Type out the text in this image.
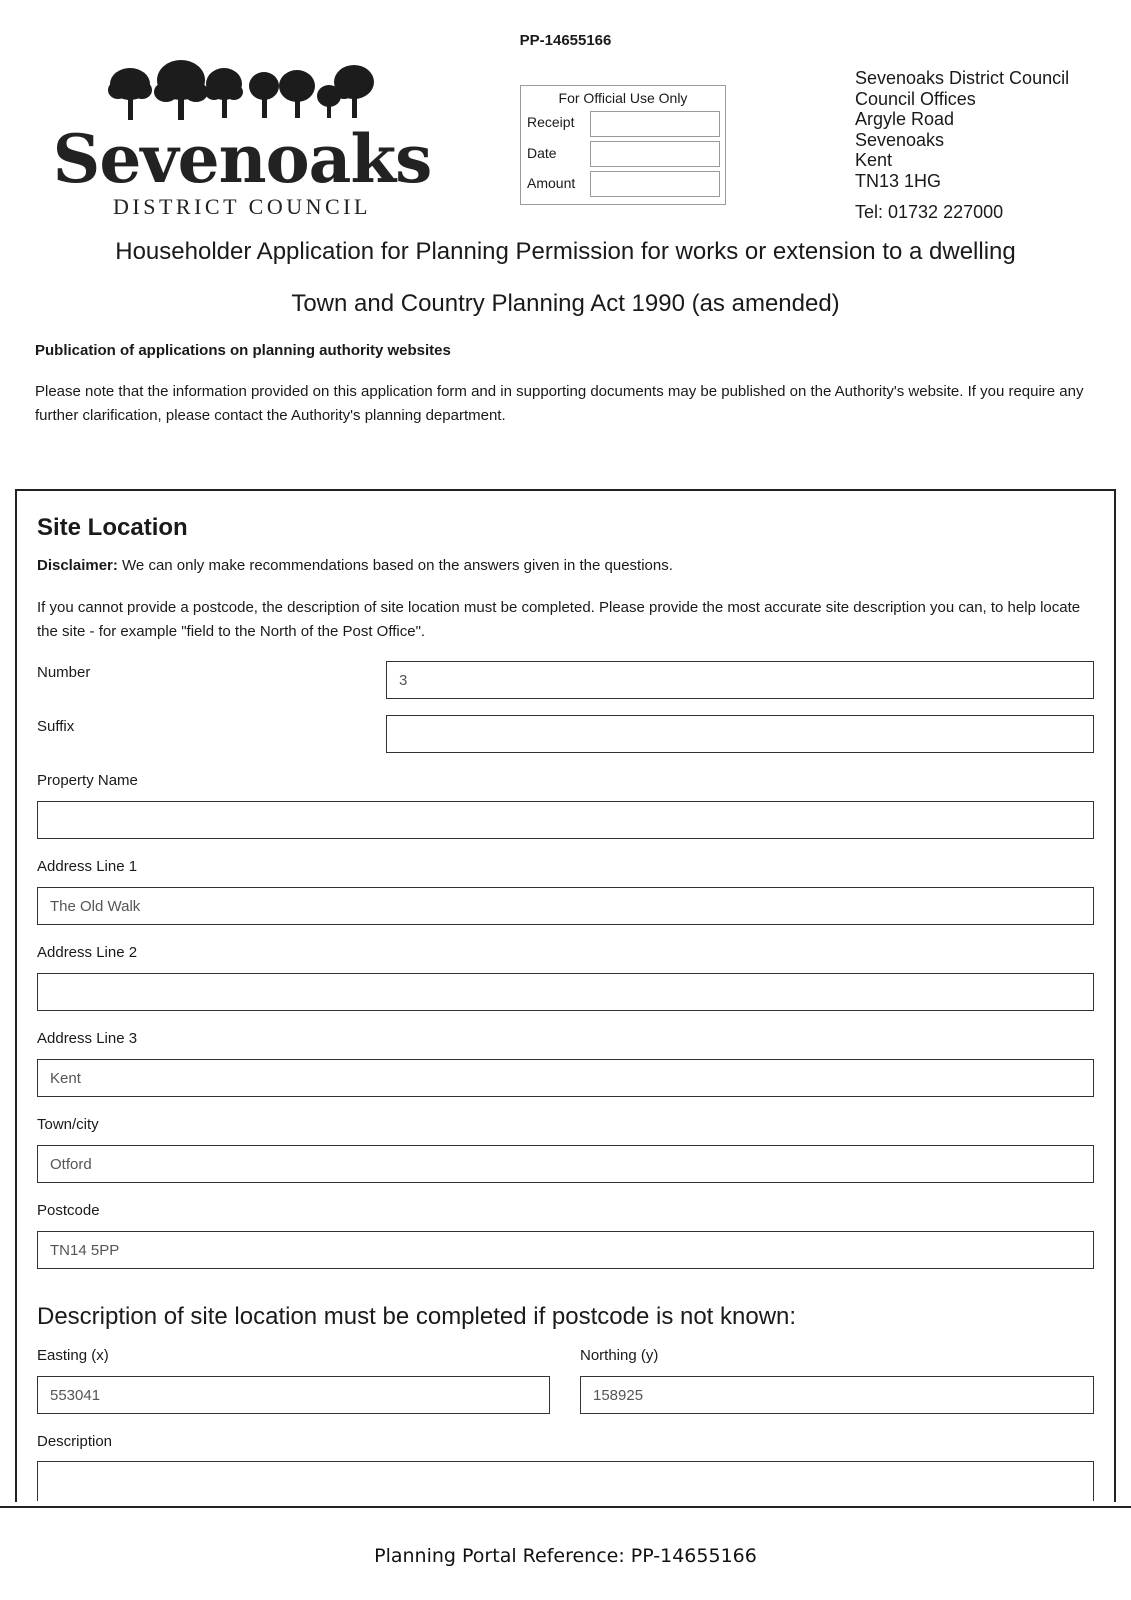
PP-14655166
Sevenoaks
DISTRICT COUNCIL
For Official Use Only
Receipt
Date
Amount
Sevenoaks District Council
Council Offices
Argyle Road
Sevenoaks
Kent
TN13 1HG
Tel: 01732 227000
Householder Application for Planning Permission for works or extension to a dwelling
Town and Country Planning Act 1990 (as amended)
Publication of applications on planning authority websites
Please note that the information provided on this application form and in supporting documents may be published on the Authority's website. If you require any further clarification, please contact the Authority's planning department.
Site Location
Disclaimer: We can only make recommendations based on the answers given in the questions.
If you cannot provide a postcode, the description of site location must be completed. Please provide the most accurate site description you can, to help locate the site - for example "field to the North of the Post Office".
Number	3
Suffix
Property Name
Address Line 1
The Old Walk
Address Line 2
Address Line 3
Kent
Town/city
Otford
Postcode
TN14 5PP
Description of site location must be completed if postcode is not known:
Easting (x)
553041
Northing (y)
158925
Description
Planning Portal Reference: PP-14655166
